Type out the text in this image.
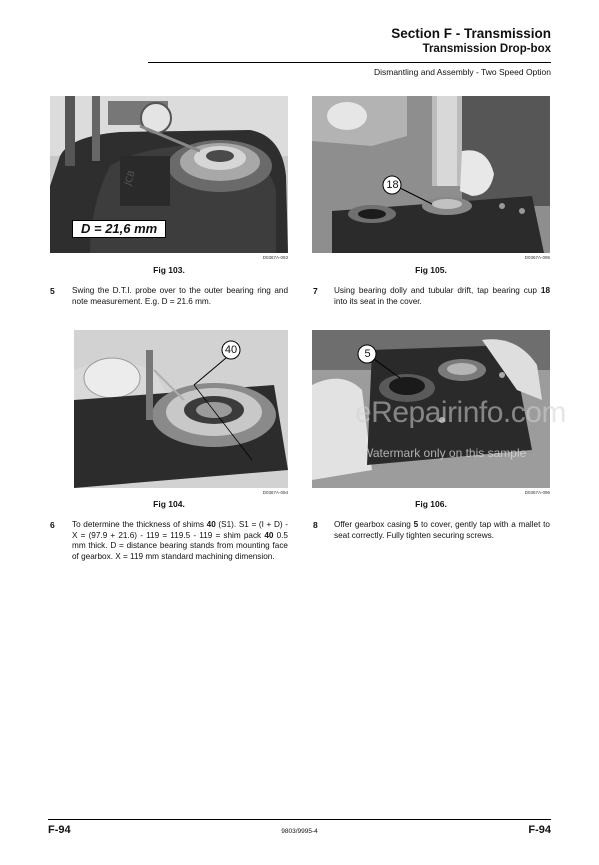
Section F - Transmission
Transmission Drop-box
Dismantling and Assembly - Two Speed Option
JCB
D = 21,6 mm
D0367A-093
Fig 103.
18
D0367A-095
Fig 105.
5 Swing the D.T.I. probe over to the outer bearing ring and note measurement. E.g. D = 21.6 mm.
7 Using bearing dolly and tubular drift, tap bearing cup 18 into its seat in the cover.
40
D0367A-094
Fig 104.
5
D0367A-096
Fig 106.
eRepairinfo.com
Watermark only on this sample
6 To determine the thickness of shims 40 (S1). S1 = (I + D) - X = (97.9 + 21.6) - 119 = 119.5 - 119 = shim pack 40 0.5 mm thick. D = distance bearing stands from mounting face of gearbox. X = 119 mm standard machining dimension.
8 Offer gearbox casing 5 to cover, gently tap with a mallet to seat correctly. Fully tighten securing screws.
F-94	9803/9995-4	F-94
